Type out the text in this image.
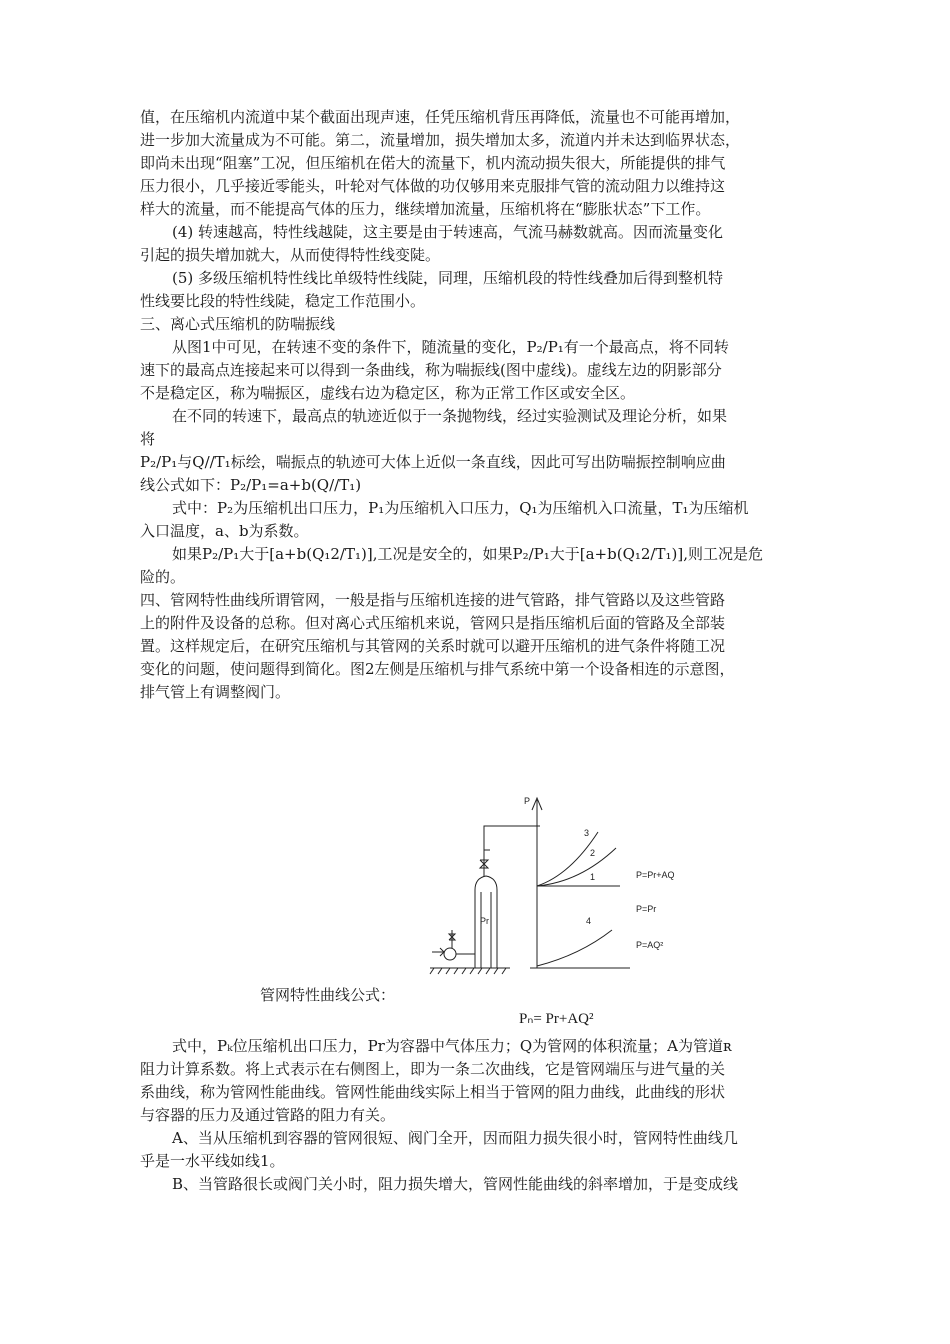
值，在压缩机内流道中某个截面出现声速，任凭压缩机背压再降低，流量也不可能再增加，

进一步加大流量成为不可能。第二，流量增加，损失增加太多，流道内并未达到临界状态，

即尚未出现“阻塞”工况，但压缩机在偌大的流量下，机内流动损失很大，所能提供的排气

压力很小，几乎接近零能头，叶轮对气体做的功仅够用来克服排气管的流动阻力以维持这

样大的流量，而不能提高气体的压力，继续增加流量，压缩机将在“膨胀状态”下工作。

(4) 转速越高，特性线越陡，这主要是由于转速高，气流马赫数就高。因而流量变化

引起的损失增加就大，从而使得特性线变陡。

(5) 多级压缩机特性线比单级特性线陡，同理，压缩机段的特性线叠加后得到整机特

性线要比段的特性线陡，稳定工作范围小。

三、离心式压缩机的防喘振线

从图1中可见，在转速不变的条件下，随流量的变化，P₂/P₁有一个最高点，将不同转

速下的最高点连接起来可以得到一条曲线，称为喘振线(图中虚线)。虚线左边的阴影部分

不是稳定区，称为喘振区，虚线右边为稳定区，称为正常工作区或安全区。

在不同的转速下，最高点的轨迹近似于一条抛物线，经过实验测试及理论分析，如果

将

P₂/P₁与Q//T₁标绘，喘振点的轨迹可大体上近似一条直线，因此可写出防喘振控制响应曲

线公式如下：P₂/P₁=a+b(Q//T₁)

式中：P₂为压缩机出口压力，P₁为压缩机入口压力，Q₁为压缩机入口流量，T₁为压缩机

入口温度，a、b为系数。

如果P₂/P₁大于[a+b(Q₁2/T₁)],工况是安全的，如果P₂/P₁大于[a+b(Q₁2/T₁)],则工况是危

险的。

四、管网特性曲线所谓管网，一般是指与压缩机连接的进气管路，排气管路以及这些管路

上的附件及设备的总称。但对离心式压缩机来说，管网只是指压缩机后面的管路及全部装

置。这样规定后，在研究压缩机与其管网的关系时就可以避开压缩机的进气条件将随工况

变化的问题，使问题得到简化。图2左侧是压缩机与排气系统中第一个设备相连的示意图，

排气管上有调整阀门。

P
3
2
1
4
P=Pr+AQ
P=Pr
P=AQ²
Pr
管网特性曲线公式：
Pₙ= Pr+AQ²

式中，Pₖ位压缩机出口压力，Pr为容器中气体压力；Q为管网的体积流量；A为管道ʀ

阻力计算系数。将上式表示在右侧图上，即为一条二次曲线，它是管网端压与进气量的关

系曲线，称为管网性能曲线。管网性能曲线实际上相当于管网的阻力曲线，此曲线的形状

与容器的压力及通过管路的阻力有关。

A、当从压缩机到容器的管网很短、阀门全开，因而阻力损失很小时，管网特性曲线几

乎是一水平线如线1。

B、当管路很长或阀门关小时，阻力损失增大，管网性能曲线的斜率增加，于是变成线
